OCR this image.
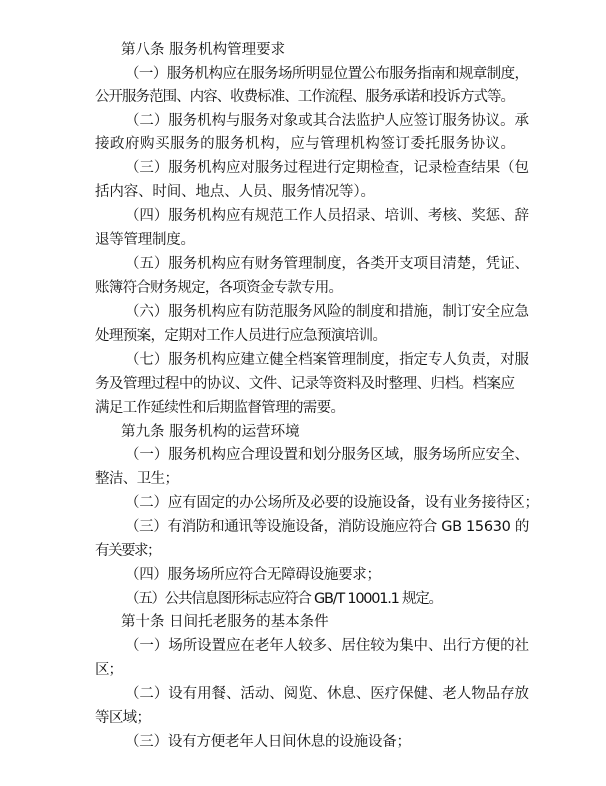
第八条 服务机构管理要求
（一）服务机构应在服务场所明显位置公布服务指南和规章制度，
公开服务范围、内容、收费标准、工作流程、服务承诺和投诉方式等。
（二）服务机构与服务对象或其合法监护人应签订服务协议。承
接政府购买服务的服务机构，应与管理机构签订委托服务协议。
（三）服务机构应对服务过程进行定期检查，记录检查结果（包
括内容、时间、地点、人员、服务情况等）。
（四）服务机构应有规范工作人员招录、培训、考核、奖惩、辞
退等管理制度。
（五）服务机构应有财务管理制度，各类开支项目清楚，凭证、
账簿符合财务规定，各项资金专款专用。
（六）服务机构应有防范服务风险的制度和措施，制订安全应急
处理预案，定期对工作人员进行应急预演培训。
（七）服务机构应建立健全档案管理制度，指定专人负责，对服
务及管理过程中的协议、文件、记录等资料及时整理、归档。档案应
满足工作延续性和后期监督管理的需要。
第九条 服务机构的运营环境
（一）服务机构应合理设置和划分服务区域，服务场所应安全、
整洁、卫生；
（二）应有固定的办公场所及必要的设施设备，设有业务接待区；
（三）有消防和通讯等设施设备，消防设施应符合 GB 15630 的
有关要求；
（四）服务场所应符合无障碍设施要求；
（五）公共信息图形标志应符合 GB/T 10001.1 规定。
第十条 日间托老服务的基本条件
（一）场所设置应在老年人较多、居住较为集中、出行方便的社
区；
（二）设有用餐、活动、阅览、休息、医疗保健、老人物品存放
等区域；
（三）设有方便老年人日间休息的设施设备；
